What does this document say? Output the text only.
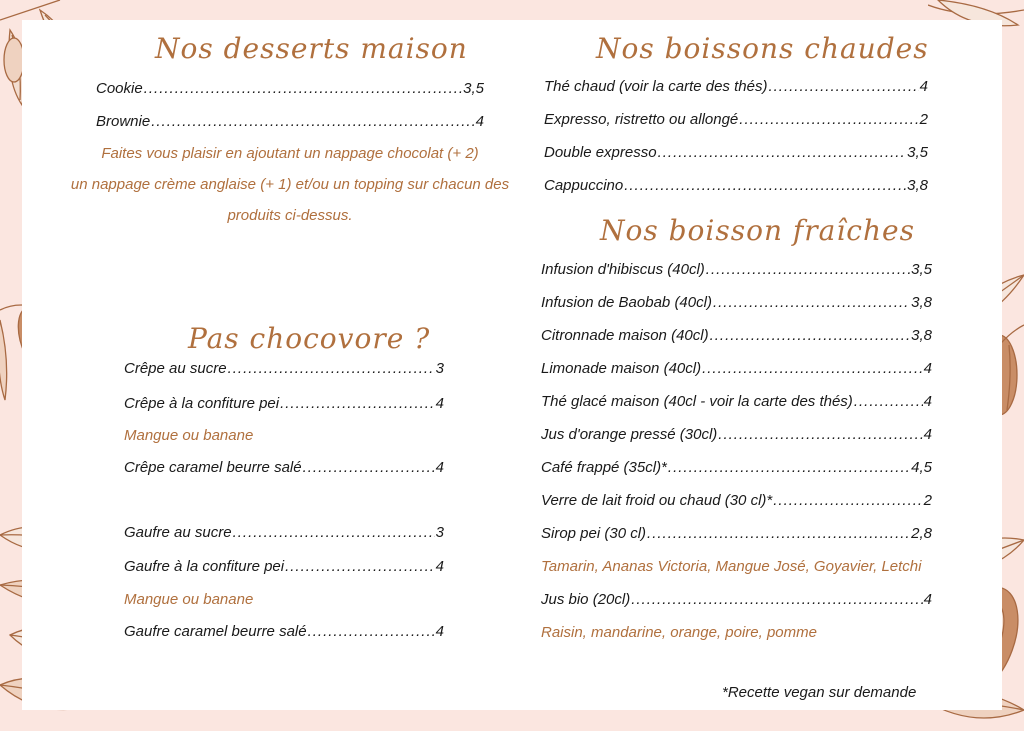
Nos desserts maison
Cookie .....	3,5
Brownie .....	4
Faites vous plaisir en ajoutant un nappage chocolat (+ 2)
un nappage crème anglaise (+ 1) et/ou un topping sur chacun des
produits ci-dessus.
Pas chocovore ?
Crêpe au sucre .....	3
Crêpe à la confiture pei .....	4
Mangue ou banane
Crêpe caramel beurre salé .....	4
Gaufre au sucre .....	3
Gaufre à la confiture pei .....	4
Mangue ou banane
Gaufre caramel beurre salé .....	4
Nos boissons chaudes
Thé chaud (voir la carte des thés) .....	4
Expresso, ristretto ou allongé .....	2
Double expresso .....	3,5
Cappuccino .....	3,8
Nos boisson fraîches
Infusion d'hibiscus (40cl) .....	3,5
Infusion de Baobab (40cl) .....	3,8
Citronnade maison (40cl) .....	3,8
Limonade maison (40cl) .....	4
Thé glacé maison (40cl - voir la carte des thés) .....	4
Jus d'orange pressé (30cl) .....	4
Café frappé (35cl)* .....	4,5
Verre de lait froid ou chaud (30 cl)* .....	2
Sirop pei (30 cl) .....	2,8
Tamarin, Ananas Victoria, Mangue José, Goyavier, Letchi
Jus bio (20cl) .....	4
Raisin, mandarine, orange, poire, pomme
*Recette vegan sur demande
